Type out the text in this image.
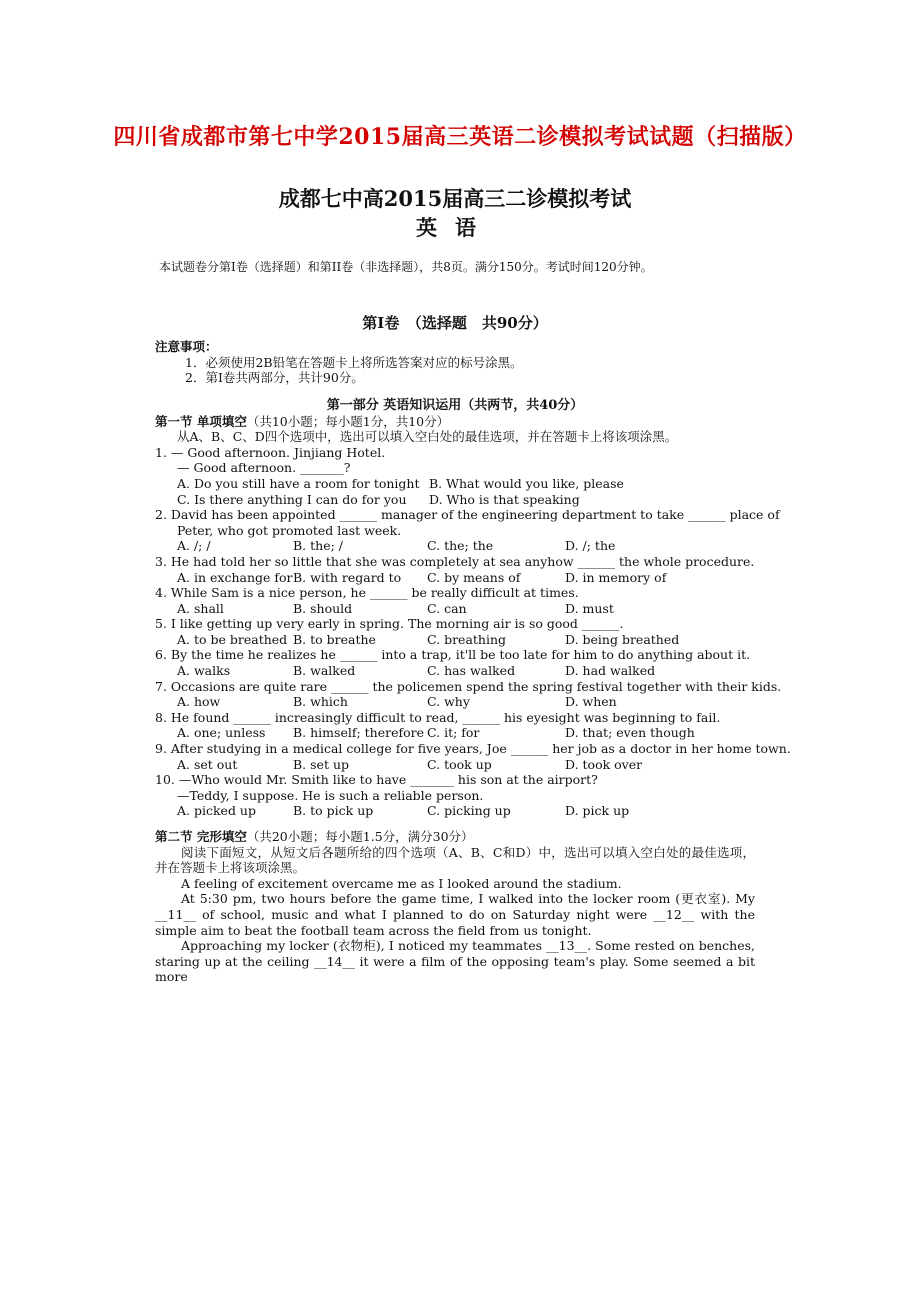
四川省成都市第七中学2015届高三英语二诊模拟考试试题（扫描版）
成都七中高2015届高三二诊模拟考试
英语
本试题卷分第I卷（选择题）和第II卷（非选择题），共8页。满分150分。考试时间120分钟。
第I卷　（选择题　共90分）
注意事项：
1．必须使用2B铅笔在答题卡上将所选答案对应的标号涂黑。
2．第I卷共两部分，共计90分。
第一部分 英语知识运用（共两节，共40分）
第一节 单项填空（共10小题；每小题1分，共10分）
从A、B、C、D四个选项中，选出可以填入空白处的最佳选项，并在答题卡上将该项涂黑。
1. — Good afternoon. Jinjiang Hotel.
— Good afternoon. _______?
A. Do you still have a room for tonight B. What would you like, please
C. Is there anything I can do for you	D. Who is that speaking
2. David has been appointed ______ manager of the engineering department to take ______ place of
Peter, who got promoted last week.
A. /; /	B. the; /	C. the; the	D. /; the
3. He had told her so little that she was completely at sea anyhow ______ the whole procedure.
A. in exchange for B. with regard to	C. by means of	D. in memory of
4. While Sam is a nice person, he ______ be really difficult at times.
A. shall	B. should	C. can	D. must
5. I like getting up very early in spring. The morning air is so good ______.
A. to be breathed B. to breathe	C. breathing	D. being breathed
6. By the time he realizes he ______ into a trap, it'll be too late for him to do anything about it.
A. walks	B. walked	C. has walked	D. had walked
7. Occasions are quite rare ______ the policemen spend the spring festival together with their kids.
A. how	B. which	C. why	D. when
8. He found ______ increasingly difficult to read, ______ his eyesight was beginning to fail.
A. one; unless	B. himself; therefore C. it; for	D. that; even though
9. After studying in a medical college for five years, Joe ______ her job as a doctor in her home town.
A. set out	B. set up	C. took up	D. took over
10. —Who would Mr. Smith like to have _______ his son at the airport?
—Teddy, I suppose. He is such a reliable person.
A. picked up	B. to pick up	C. picking up	D. pick up
第二节 完形填空（共20小题；每小题1.5分，满分30分）
阅读下面短文，从短文后各题所给的四个选项（A、B、C和D）中，选出可以填入空白处的最佳选项，并在答题卡上将该项涂黑。
A feeling of excitement overcame me as I looked around the stadium.
At 5:30 pm, two hours before the game time, I walked into the locker room (更衣室). My __11__ of school, music and what I planned to do on Saturday night were __12__ with the simple aim to beat the football team across the field from us tonight.
Approaching my locker (衣物柜), I noticed my teammates __13__. Some rested on benches, staring up at the ceiling __14__ it were a film of the opposing team's play. Some seemed a bit more
